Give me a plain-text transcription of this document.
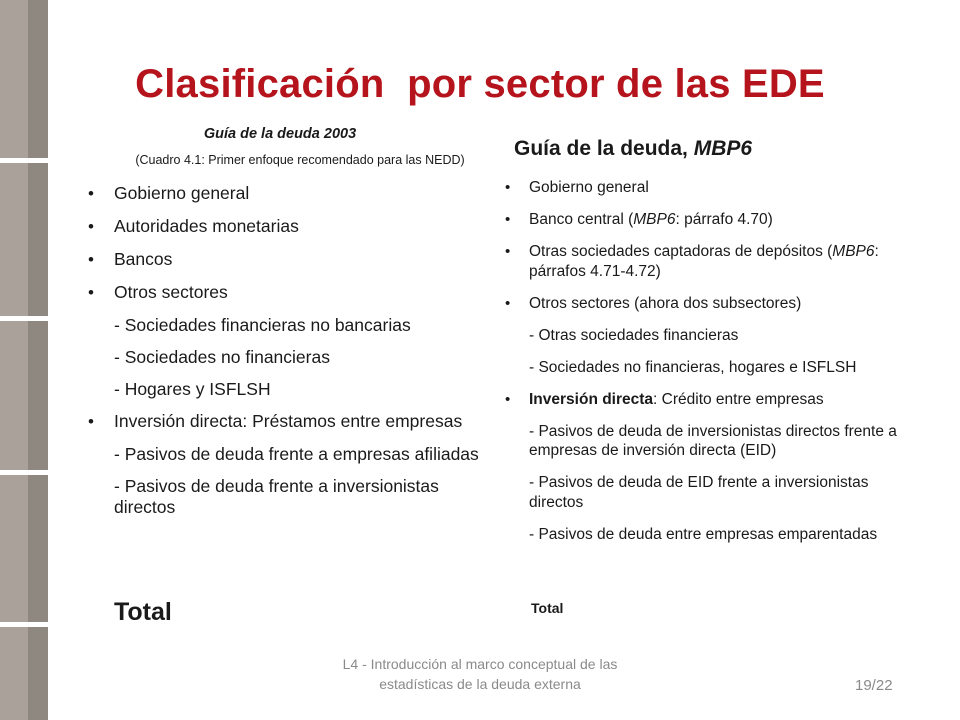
Clasificación  por sector de las EDE
Guía de la deuda 2003
(Cuadro 4.1: Primer enfoque recomendado para las NEDD)	Guía de la deuda, MBP6
• Gobierno general
• Autoridades monetarias
• Bancos
• Otros sectores
- Sociedades financieras no bancarias
- Sociedades no financieras
- Hogares y ISFLSH
• Inversión directa: Préstamos entre empresas
- Pasivos de deuda frente a empresas afiliadas
- Pasivos de deuda frente a inversionistas directos
Total
• Gobierno general
• Banco central (MBP6: párrafo 4.70)
• Otras sociedades captadoras de depósitos (MBP6: párrafos 4.71-4.72)
• Otros sectores (ahora dos subsectores)
- Otras sociedades financieras
- Sociedades no financieras, hogares e ISFLSH
• Inversión directa: Crédito entre empresas
- Pasivos de deuda de inversionistas directos frente a empresas de inversión directa (EID)
- Pasivos de deuda de EID frente a inversionistas directos
- Pasivos de deuda entre empresas emparentadas
Total
L4 - Introducción al marco conceptual de las estadísticas de la deuda externa	19/22
